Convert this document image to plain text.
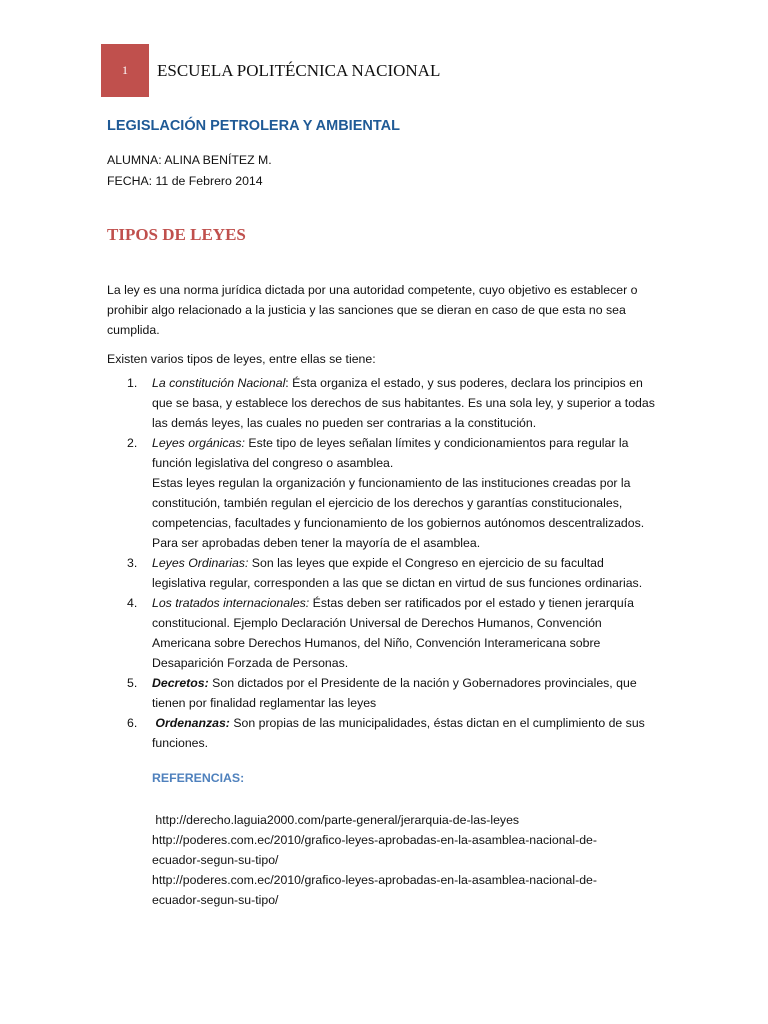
1	ESCUELA POLITÉCNICA NACIONAL
LEGISLACIÓN PETROLERA Y AMBIENTAL
ALUMNA: ALINA BENÍTEZ M.
FECHA: 11 de Febrero 2014
TIPOS DE LEYES

La ley es una norma jurídica dictada por una autoridad competente, cuyo objetivo es establecer o

prohibir algo relacionado a la justicia y las sanciones que se dieran en caso de que esta no sea

cumplida.

Existen varios tipos de leyes, entre ellas se tiene:
1. La constitución Nacional: Ésta organiza el estado, y sus poderes, declara los principios en
que se basa, y establece los derechos de sus habitantes. Es una sola ley, y superior a todas
las demás leyes, las cuales no pueden ser contrarias a la constitución.
2. Leyes orgánicas: Este tipo de leyes señalan límites y condicionamientos para regular la
función legislativa del congreso o asamblea.
Estas leyes regulan la organización y funcionamiento de las instituciones creadas por la
constitución, también regulan el ejercicio de los derechos y garantías constitucionales,
competencias, facultades y funcionamiento de los gobiernos autónomos descentralizados.
Para ser aprobadas deben tener la mayoría de el asamblea.
3. Leyes Ordinarias: Son las leyes que expide el Congreso en ejercicio de su facultad
legislativa regular, corresponden a las que se dictan en virtud de sus funciones ordinarias.
4. Los tratados internacionales: Éstas deben ser ratificados por el estado y tienen jerarquía
constitucional. Ejemplo Declaración Universal de Derechos Humanos, Convención
Americana sobre Derechos Humanos, del Niño, Convención Interamericana sobre
Desaparición Forzada de Personas.
5. Decretos: Son dictados por el Presidente de la nación y Gobernadores provinciales, que
tienen por finalidad reglamentar las leyes
6. Ordenanzas: Son propias de las municipalidades, éstas dictan en el cumplimiento de sus
funciones.
REFERENCIAS:
http://derecho.laguia2000.com/parte-general/jerarquia-de-las-leyes
http://poderes.com.ec/2010/grafico-leyes-aprobadas-en-la-asamblea-nacional-de-
ecuador-segun-su-tipo/
http://poderes.com.ec/2010/grafico-leyes-aprobadas-en-la-asamblea-nacional-de-
ecuador-segun-su-tipo/
